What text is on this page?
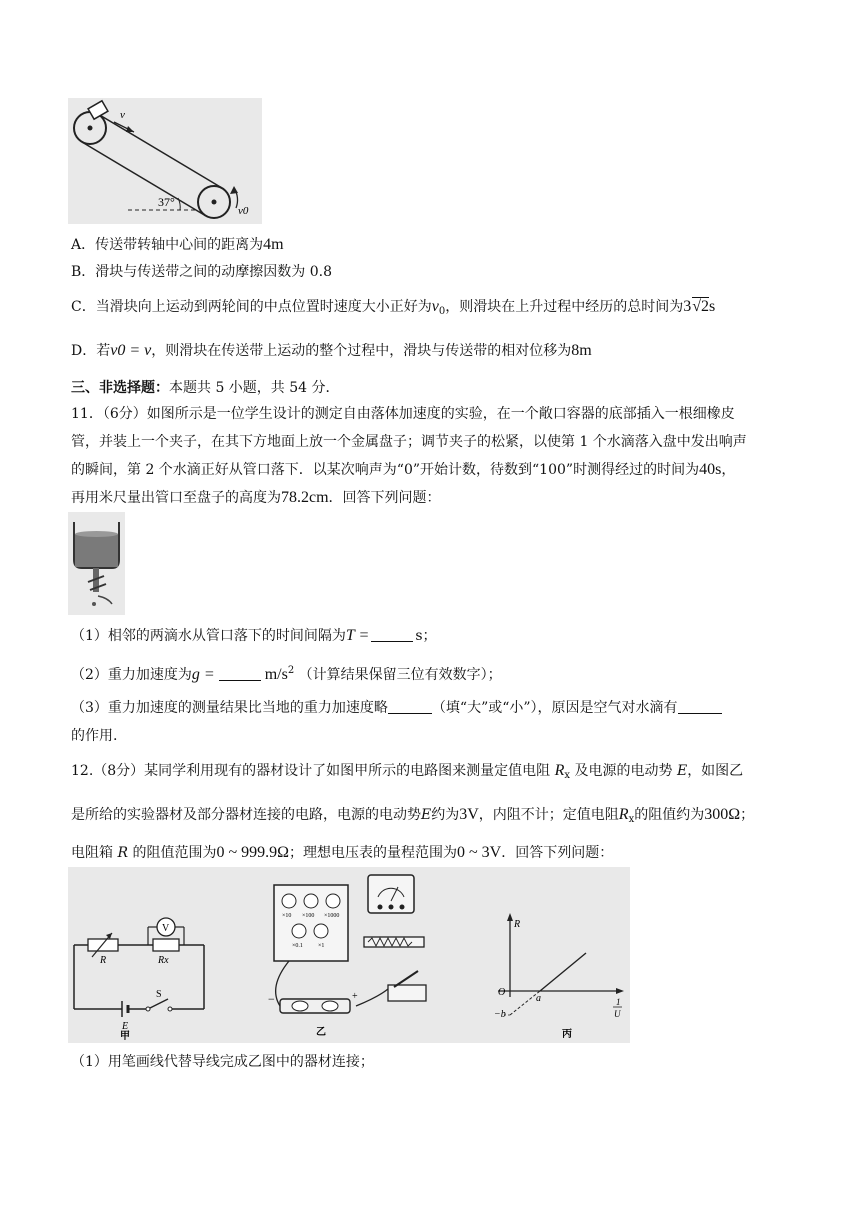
v
37°
v0
A．传送带转轴中心间的距离为4m
B．滑块与传送带之间的动摩擦因数为 0.8
C．当滑块向上运动到两轮间的中点位置时速度大小正好为$v_0$，则滑块在上升过程中经历的总时间为3√2s
D．若v0 = v，则滑块在传送带上运动的整个过程中，滑块与传送带的相对位移为8m
三、非选择题：本题共 5 小题，共 54 分．
11．（6分）如图所示是一位学生设计的测定自由落体加速度的实验，在一个敞口容器的底部插入一根细橡皮
管，并装上一个夹子，在其下方地面上放一个金属盘子；调节夹子的松紧，以使第 1 个水滴落入盘中发出响声
的瞬间，第 2 个水滴正好从管口落下．以某次响声为“0”开始计数，待数到“100”时测得经过的时间为40s，
再用米尺量出管口至盘子的高度为78.2cm．回答下列问题：
（1）相邻的两滴水从管口落下的时间间隔为T =	s；
（2）重力加速度为g =	$m/s^2$ （计算结果保留三位有效数字）；
（3）重力加速度的测量结果比当地的重力加速度略	（填“大”或“小”），原因是空气对水滴有
的作用.
12.（8分）某同学利用现有的器材设计了如图甲所示的电路图来测量定值电阻 $R_x$ 及电源的电动势 E，如图乙
是所给的实验器材及部分器材连接的电路，电源的电动势E约为3V，内阻不计；定值电阻$R_x$的阻值约为300Ω；
电阻箱 R 的阻值范围为0 ~ 999.9Ω；理想电压表的量程范围为0 ~ 3V．回答下列问题：
V
R	Rx
S
E
甲
×10 ×100 ×1000
×0.1	×1
−	+
乙
R
O
a
−b
1
U
丙
（1）用笔画线代替导线完成乙图中的器材连接；
